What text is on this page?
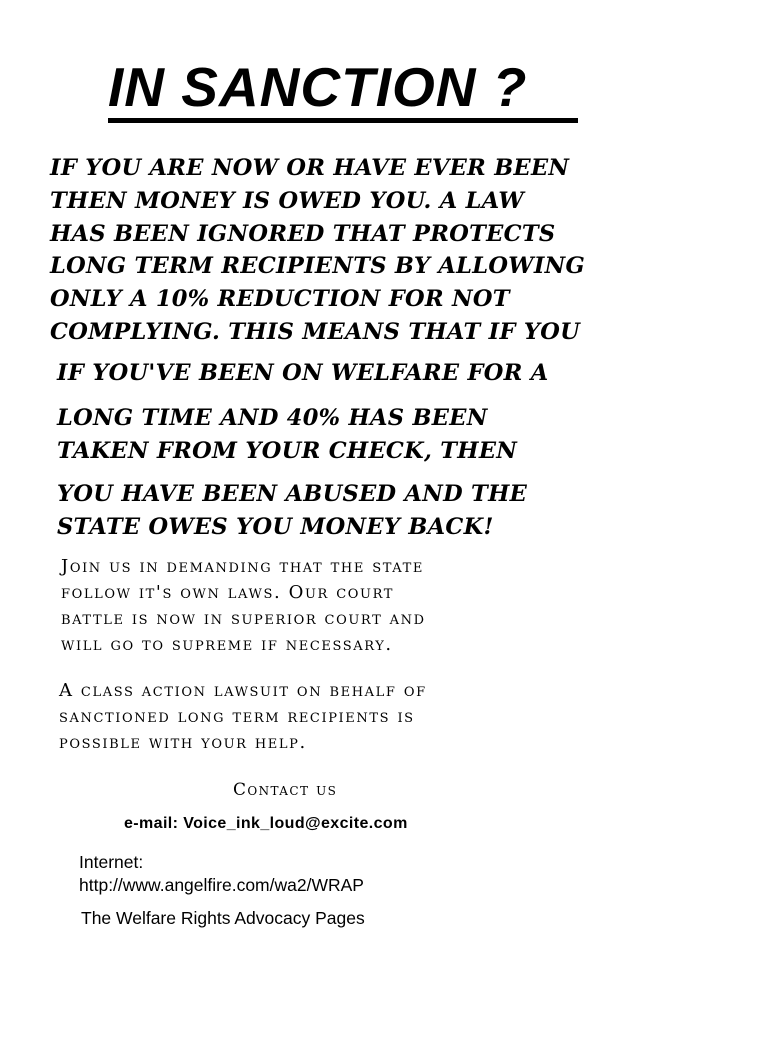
IN SANCTION ?
IF YOU ARE NOW OR HAVE EVER BEEN
THEN MONEY IS OWED YOU. A LAW
HAS BEEN IGNORED THAT PROTECTS
LONG TERM RECIPIENTS BY ALLOWING
ONLY A 10% REDUCTION FOR NOT
COMPLYING. THIS MEANS THAT IF YOU
IF YOU'VE BEEN ON WELFARE FOR A
LONG TIME AND 40% HAS BEEN
TAKEN FROM YOUR CHECK, THEN
YOU HAVE BEEN ABUSED AND THE
STATE OWES YOU MONEY BACK!
Join us in demanding that the state
follow it's own laws. Our court
battle is now in superior court and
will go to supreme if necessary.
A class action lawsuit on behalf of
sanctioned long term recipients is
possible with your help.
Contact us
e-mail: Voice_ink_loud@excite.com
Internet:
http://www.angelfire.com/wa2/WRAP
The Welfare Rights Advocacy Pages
